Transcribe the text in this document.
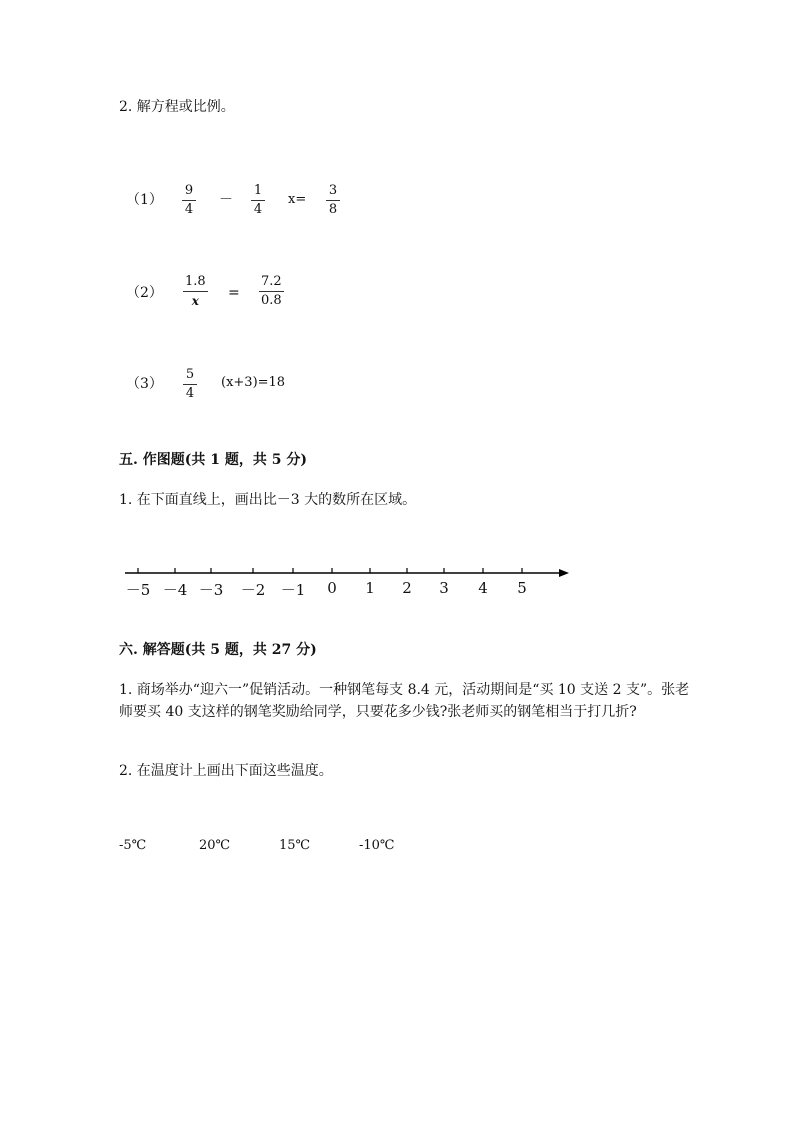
2. 解方程或比例。
（1）
9
4
－
1
4
x=
3
8
（2）
1.8
x =
7.2
0.8
（3）
5
4
(x+3)=18
五. 作图题(共 1 题，共 5 分)
1. 在下面直线上，画出比－3 大的数所在区域。
－5 －4 －3 －2 －1 0 1 2 3 4 5
六. 解答题(共 5 题，共 27 分)
1. 商场举办“迎六一”促销活动。一种钢笔每支 8.4 元，活动期间是“买 10 支送 2 支”。张老师要买 40 支这样的钢笔奖励给同学，只要花多少钱?张老师买的钢笔相当于打几折?
2. 在温度计上画出下面这些温度。
-5℃	20℃	15℃	-10℃
